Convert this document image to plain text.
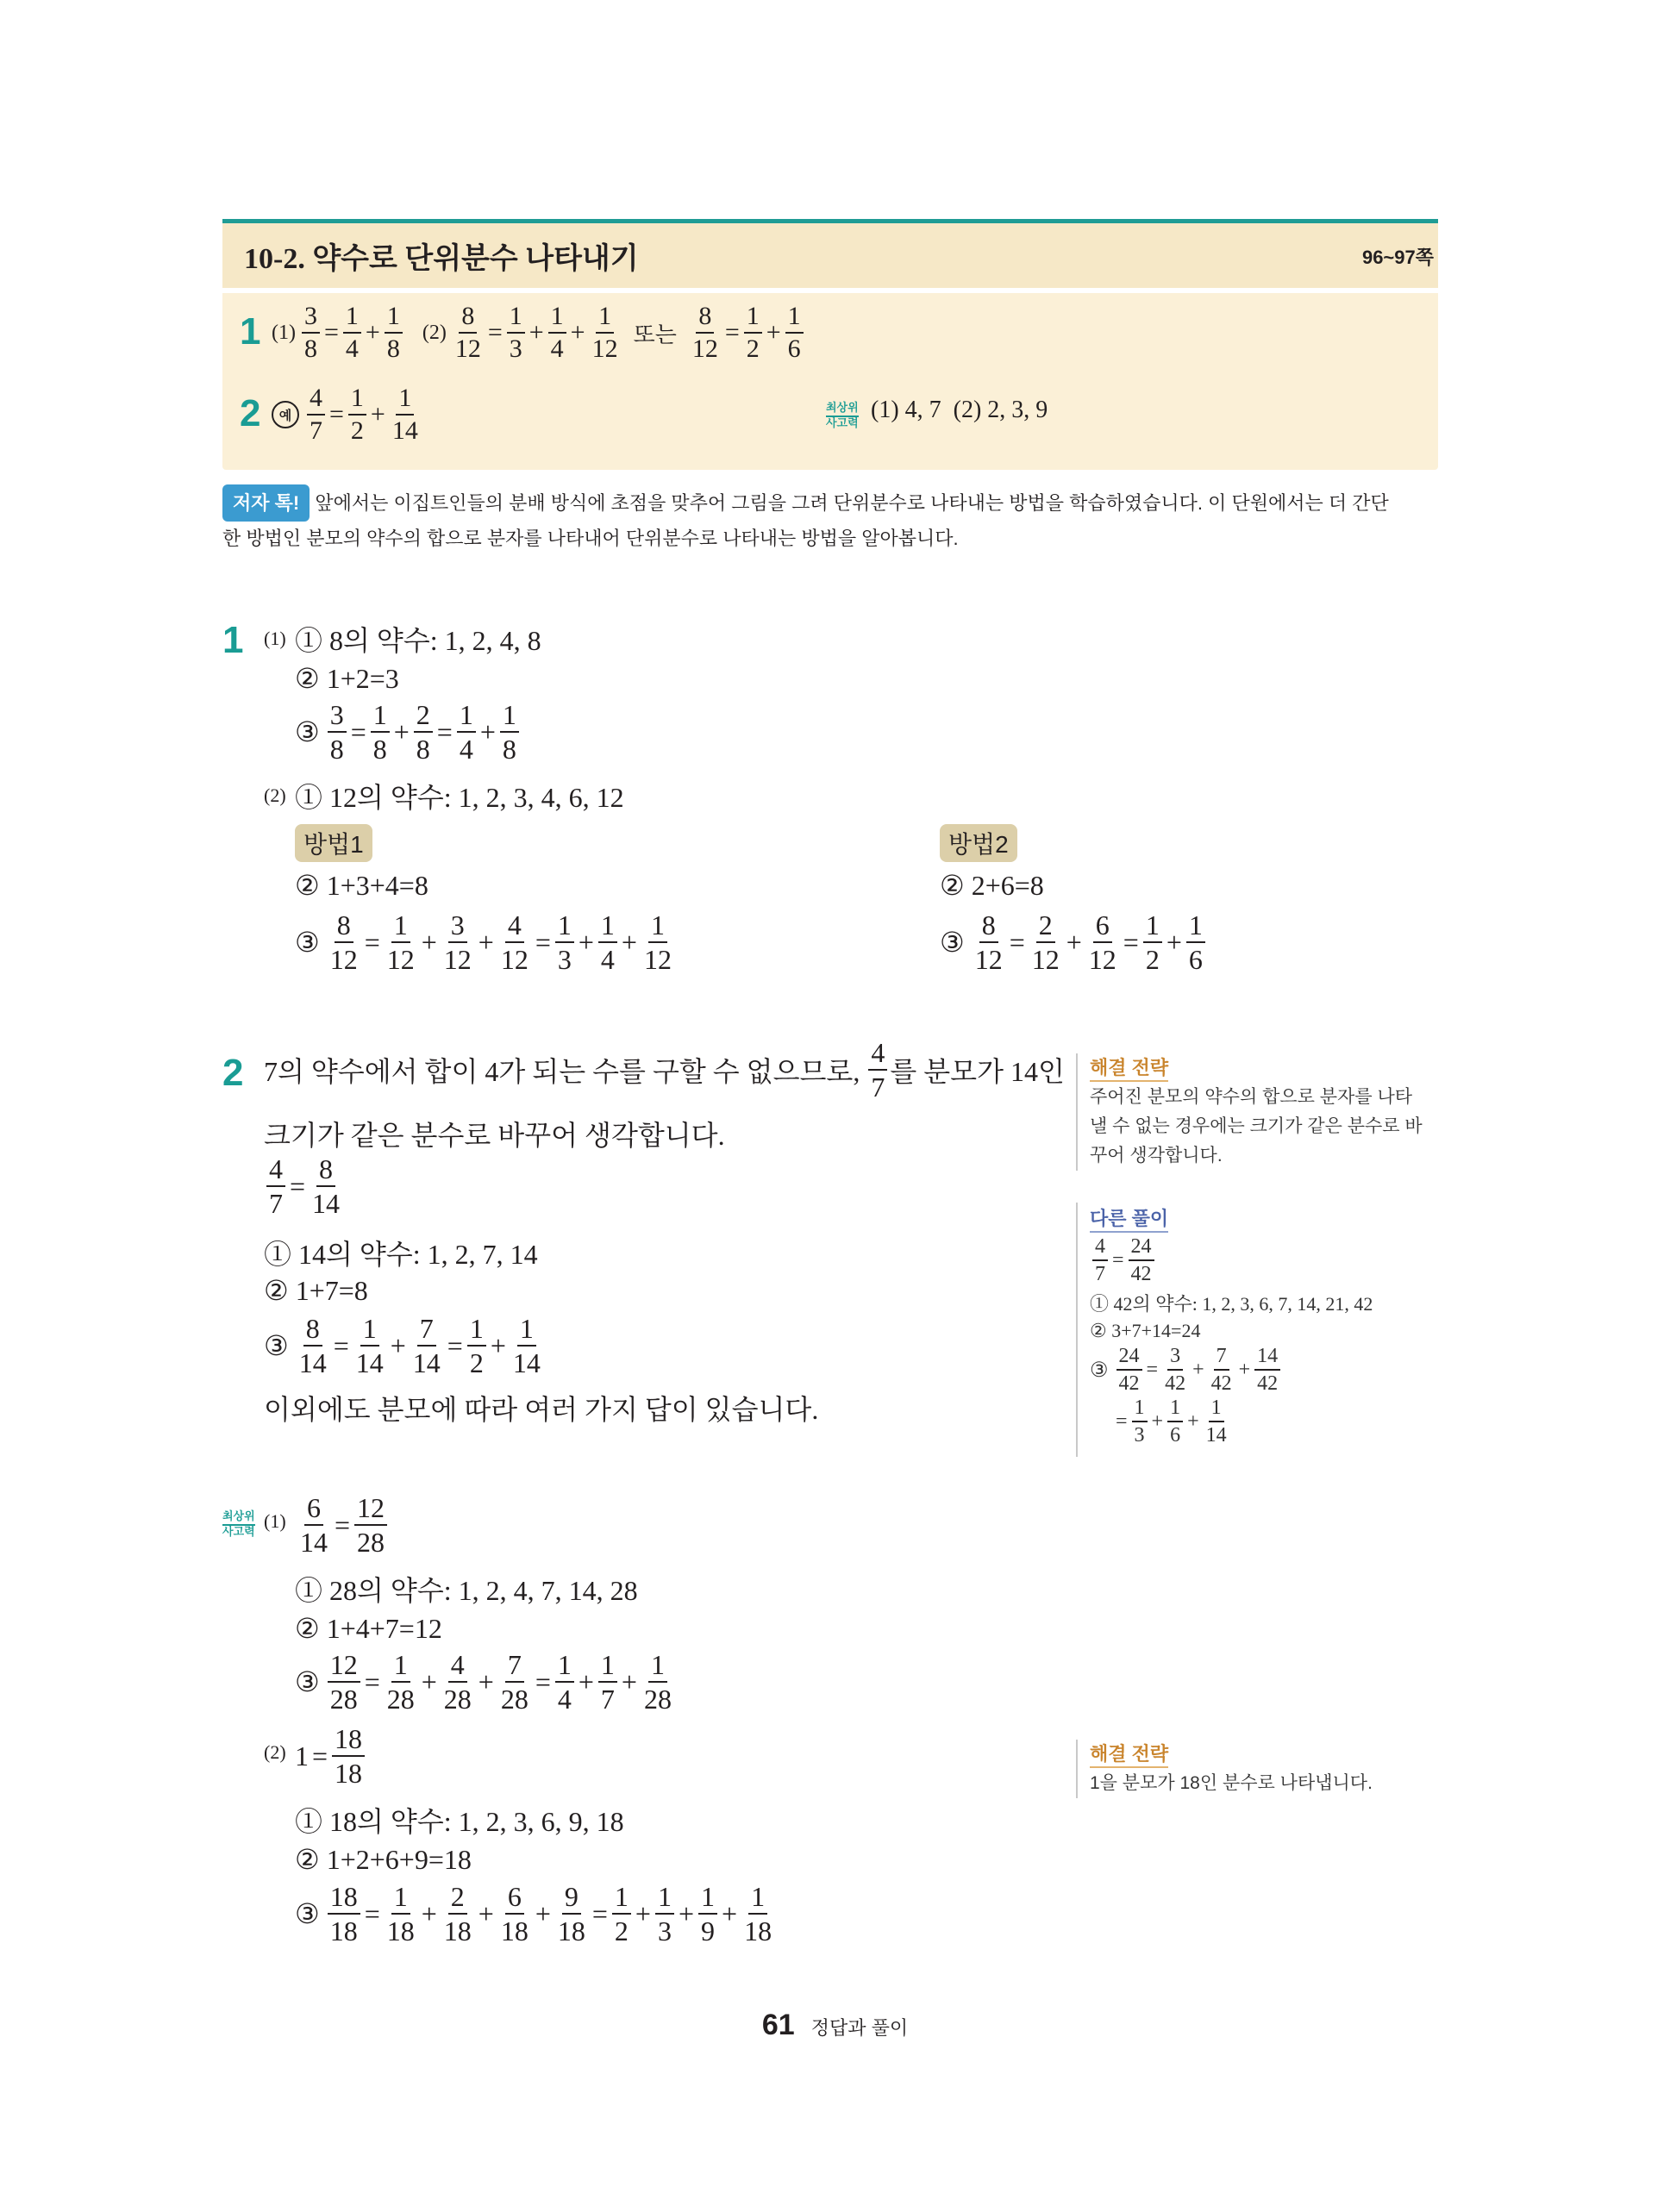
10-2. 약수로 단위분수 나타내기	96~97쪽
1 $(1) \frac{3}{8} = \frac{1}{4} + \frac{1}{8} (2) \frac{8}{12} = \frac{1}{3} + \frac{1}{4} + \frac{1}{12}$ 또는 $\frac{8}{12} = \frac{1}{2} + \frac{1}{6}$
2	예 $\frac{4}{7} = \frac{1}{2} + \frac{1}{14}$	최상위
사고력 (1) 4, 7 (2) 2, 3, 9
저자 톡! 앞에서는 이집트인들의 분배 방식에 초점을 맞추어 그림을 그려 단위분수로 나타내는 방법을 학습하였습니다. 이 단원에서는 더 간단
한 방법인 분모의 약수의 합으로 분자를 나타내어 단위분수로 나타내는 방법을 알아봅니다.
1 (1) ① 8의 약수: 1, 2, 4, 8
② 1+2=3
③ $\frac{3}{8} = \frac{1}{8} + \frac{2}{8} = \frac{1}{4} + \frac{1}{8}$
(2) ① 12의 약수: 1, 2, 3, 4, 6, 12
방법1
② 1+3+4=8
③ $\frac{8}{12} = \frac{1}{12} + \frac{3}{12} + \frac{4}{12} = \frac{1}{3} + \frac{1}{4} + \frac{1}{12}$
방법2
② 2+6=8
③ $\frac{8}{12} = \frac{2}{12} + \frac{6}{12} = \frac{1}{2} + \frac{1}{6}$
2 7의 약수에서 합이 4가 되는 수를 구할 수 없으므로, $\frac{4}{7}$ 를 분모가 14인
크기가 같은 분수로 바꾸어 생각합니다.
$\frac{4}{7} = \frac{8}{14}$
① 14의 약수: 1, 2, 7, 14
② 1+7=8
③ $\frac{8}{14} = \frac{1}{14} + \frac{7}{14} = \frac{1}{2} + \frac{1}{14}$
이외에도 분모에 따라 여러 가지 답이 있습니다.
해결 전략
주어진 분모의 약수의 합으로 분자를 나타
낼 수 없는 경우에는 크기가 같은 분수로 바
꾸어 생각합니다.
다른 풀이
$\frac{4}{7} = \frac{24}{42}$
① 42의 약수: 1, 2, 3, 6, 7, 14, 21, 42
② 3+7+14=24
③ $\frac{24}{42} = \frac{3}{42} + \frac{7}{42} + \frac{14}{42}$
= $\frac{1}{3} + \frac{1}{6} + \frac{1}{14}$
최상위
사고력 $(1) \frac{6}{14} = \frac{12}{28}$
① 28의 약수: 1, 2, 4, 7, 14, 28
② 1+4+7=12
③ $\frac{12}{28} = \frac{1}{28} + \frac{4}{28} + \frac{7}{28} = \frac{1}{4} + \frac{1}{7} + \frac{1}{28}$
(2) $1 = \frac{18}{18}$
① 18의 약수: 1, 2, 3, 6, 9, 18
② 1+2+6+9=18
③ $\frac{18}{18} = \frac{1}{18} + \frac{2}{18} + \frac{6}{18} + \frac{9}{18} = \frac{1}{2} + \frac{1}{3} + \frac{1}{9} + \frac{1}{18}$
해결 전략
1을 분모가 18인 분수로 나타냅니다.
61 정답과 풀이
